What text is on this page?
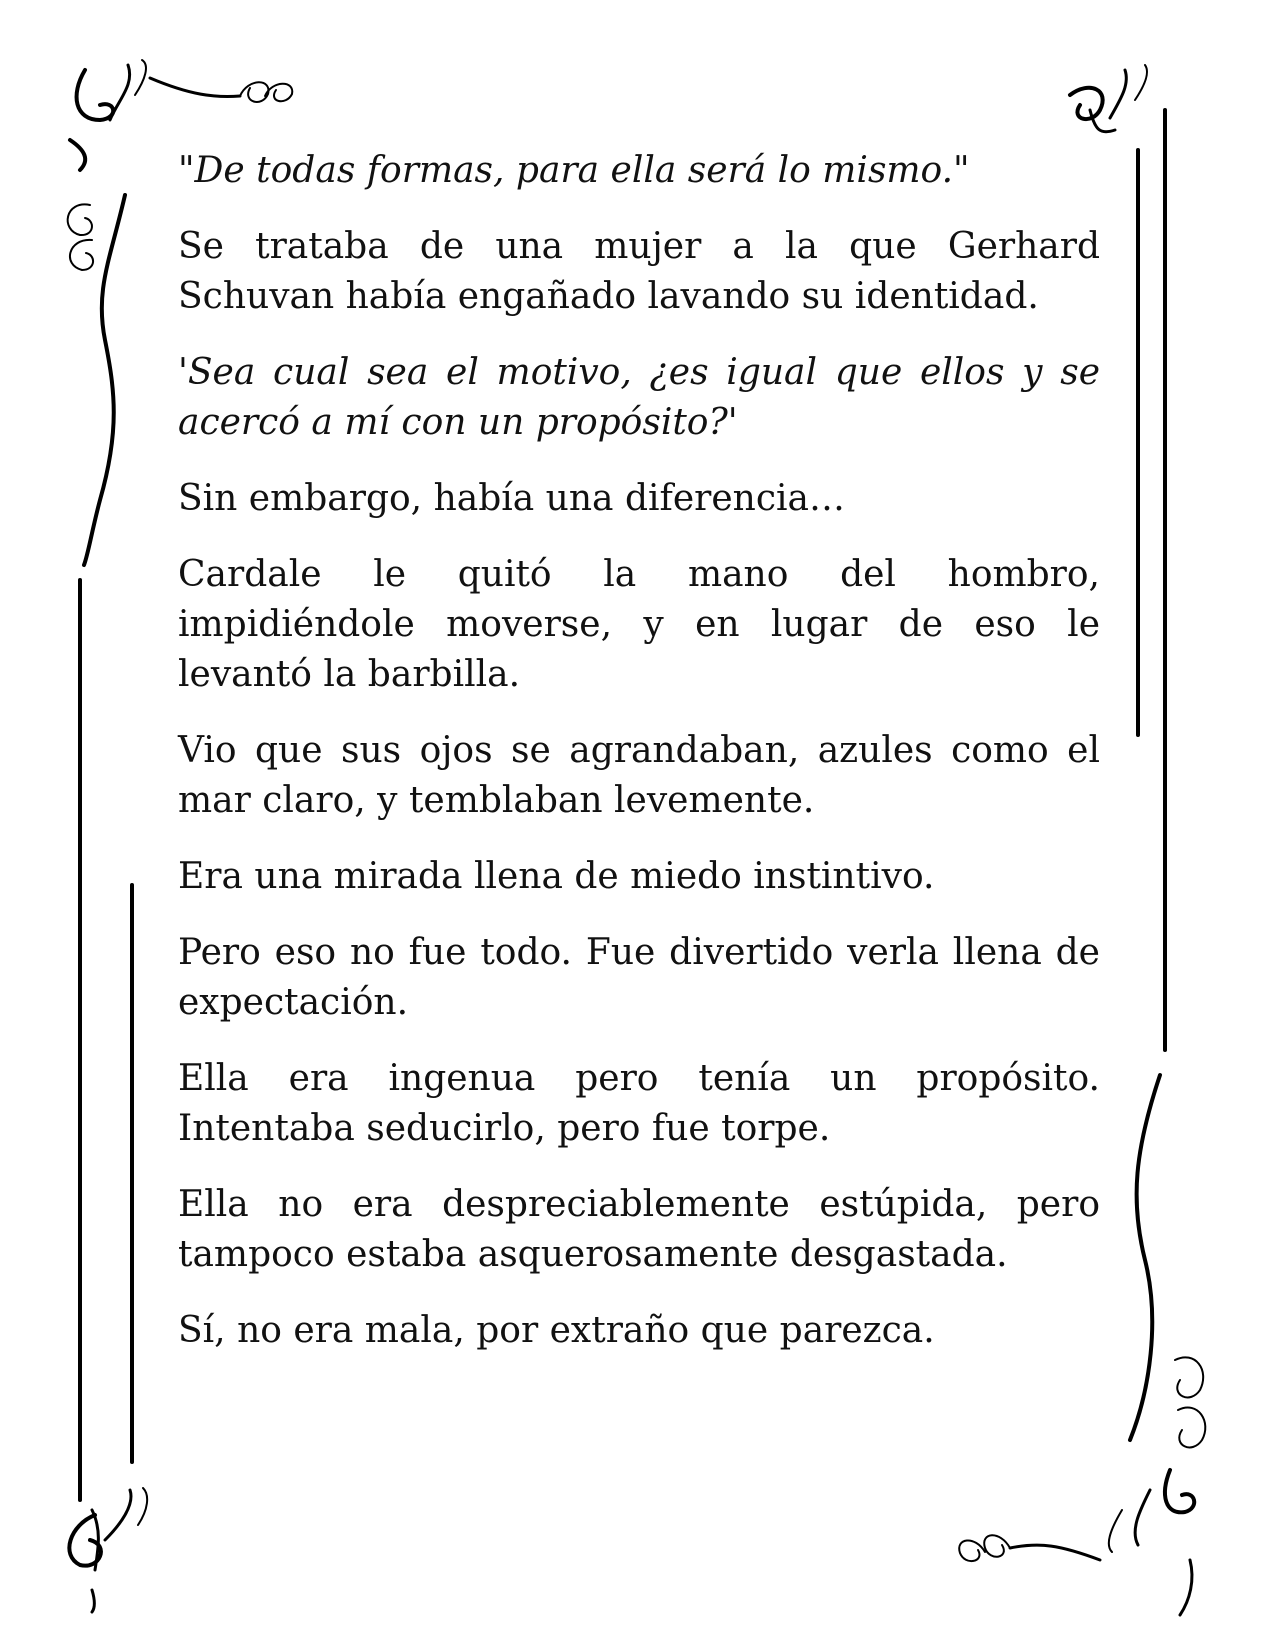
"De todas formas, para ella será lo mismo."

Se trataba de una mujer a la que Gerhard Schuvan había engañado lavando su identidad.

'Sea cual sea el motivo, ¿es igual que ellos y se acercó a mí con un propósito?'

Sin embargo, había una diferencia…

Cardale le quitó la mano del hombro, impidiéndole moverse, y en lugar de eso le levantó la barbilla.

Vio que sus ojos se agrandaban, azules como el mar claro, y temblaban levemente.

Era una mirada llena de miedo instintivo.

Pero eso no fue todo. Fue divertido verla llena de expectación.

Ella era ingenua pero tenía un propósito. Intentaba seducirlo, pero fue torpe.

Ella no era despreciablemente estúpida, pero tampoco estaba asquerosamente desgastada.

Sí, no era mala, por extraño que parezca.
